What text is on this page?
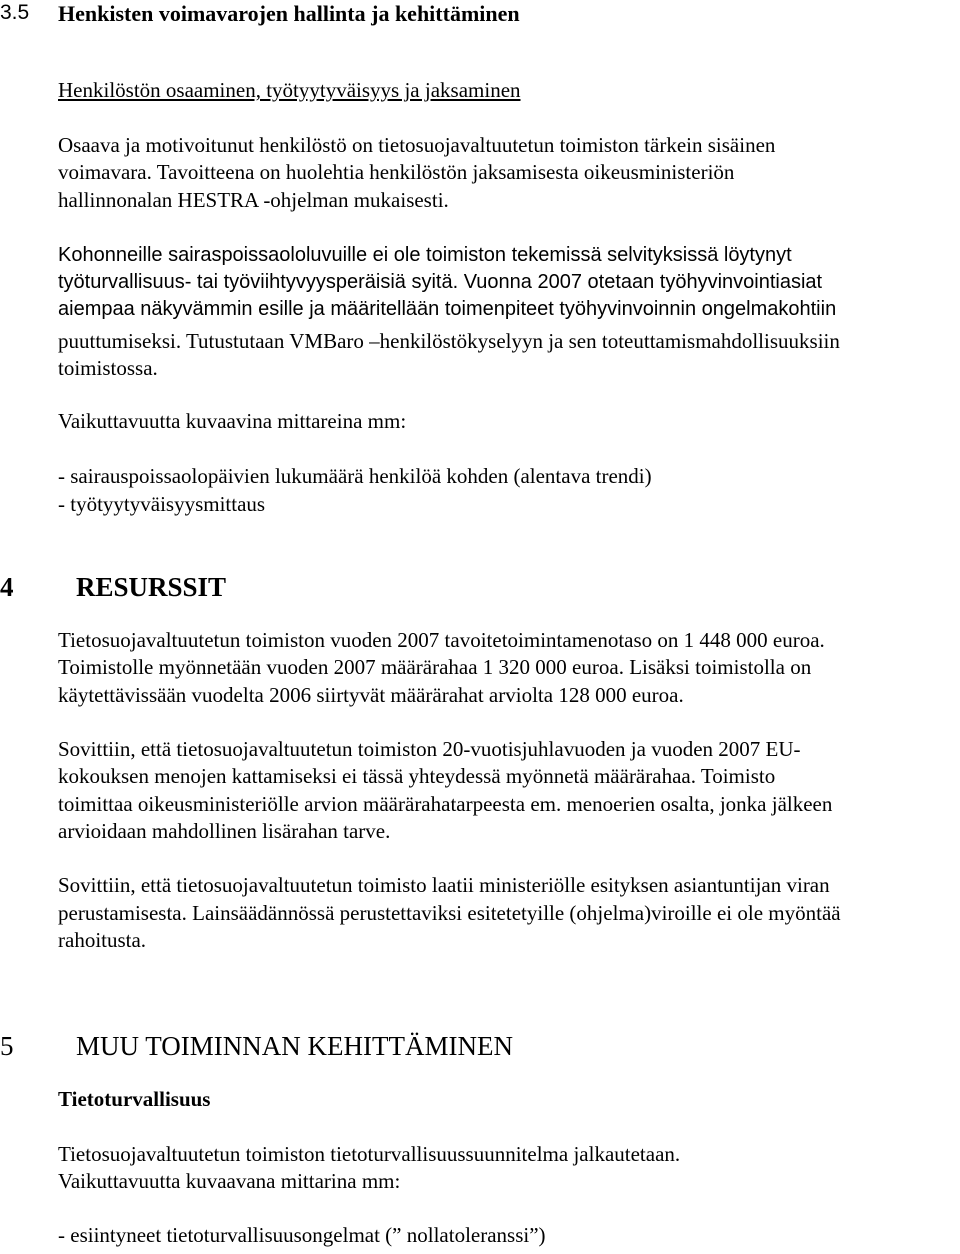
3.5 Henkisten voimavarojen hallinta ja kehittäminen
Henkilöstön osaaminen, työtyytyväisyys ja jaksaminen
Osaava ja motivoitunut henkilöstö on tietosuojavaltuutetun toimiston tärkein sisäinen
voimavara. Tavoitteena on huolehtia henkilöstön jaksamisesta oikeusministeriön
hallinnonalan HESTRA -ohjelman mukaisesti.
Kohonneille sairaspoissaololuvuille ei ole toimiston tekemissä selvityksissä löytynyt
työturvallisuus- tai työviihtyvyysperäisiä syitä. Vuonna 2007 otetaan työhyvinvointiasiat
aiempaa näkyvämmin esille ja määritellään toimenpiteet työhyvinvoinnin ongelmakohtiin
puuttumiseksi. Tutustutaan VMBaro –henkilöstökyselyyn ja sen toteuttamismahdollisuuksiin
toimistossa.
Vaikuttavuutta kuvaavina mittareina mm:
- sairauspoissaolopäivien lukumäärä henkilöä kohden (alentava trendi)
- työtyytyväisyysmittaus
4 RESURSSIT
Tietosuojavaltuutetun toimiston vuoden 2007 tavoitetoimintamenotaso on 1 448 000 euroa.
Toimistolle myönnetään vuoden 2007 määrärahaa 1 320 000 euroa. Lisäksi toimistolla on
käytettävissään vuodelta 2006 siirtyvät määrärahat arviolta 128 000 euroa.
Sovittiin, että tietosuojavaltuutetun toimiston 20-vuotisjuhlavuoden ja vuoden 2007 EU-
kokouksen menojen kattamiseksi ei tässä yhteydessä myönnetä määrärahaa. Toimisto
toimittaa oikeusministeriölle arvion määrärahatarpeesta em. menoerien osalta, jonka jälkeen
arvioidaan mahdollinen lisärahan tarve.
Sovittiin, että tietosuojavaltuutetun toimisto laatii ministeriölle esityksen asiantuntijan viran
perustamisesta. Lainsäädännössä perustettaviksi esitetetyille (ohjelma)viroille ei ole myöntää
rahoitusta.
5 MUU TOIMINNAN KEHITTÄMINEN
Tietoturvallisuus
Tietosuojavaltuutetun toimiston tietoturvallisuussuunnitelma jalkautetaan.
Vaikuttavuutta kuvaavana mittarina mm:
- esiintyneet tietoturvallisuusongelmat (” nollatoleranssi”)
